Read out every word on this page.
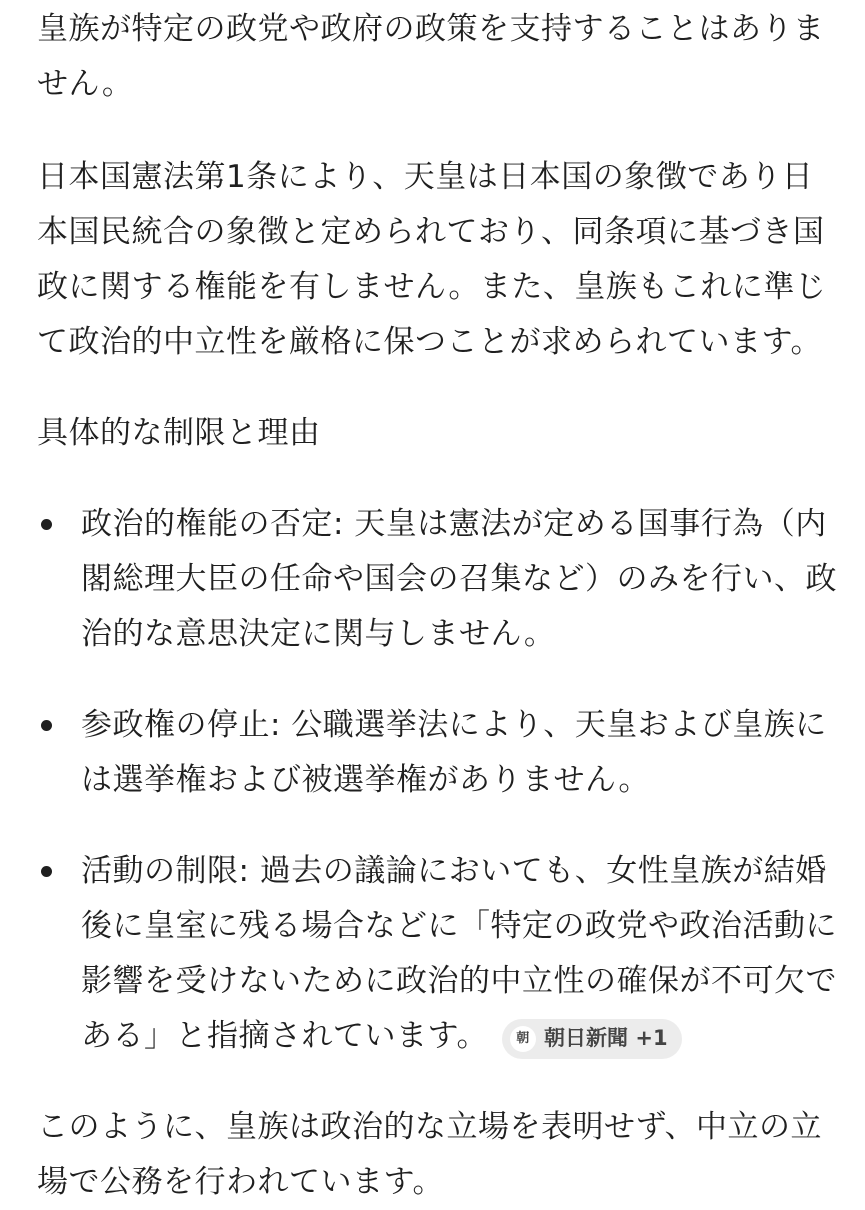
皇族が特定の政党や政府の政策を支持することはありません。

日本国憲法第1条により、天皇は日本国の象徴であり日本国民統合の象徴と定められており、同条項に基づき国政に関する権能を有しません。また、皇族もこれに準じて政治的中立性を厳格に保つことが求められています。

具体的な制限と理由

政治的権能の否定: 天皇は憲法が定める国事行為（内閣総理大臣の任命や国会の召集など）のみを行い、政治的な意思決定に関与しません。
参政権の停止: 公職選挙法により、天皇および皇族には選挙権および被選挙権がありません。
活動の制限: 過去の議論においても、女性皇族が結婚後に皇室に残る場合などに「特定の政党や政治活動に影響を受けないために政治的中立性の確保が不可欠である」と指摘されています。	朝 朝日新聞 +1

このように、皇族は政治的な立場を表明せず、中立の立場で公務を行われています。
